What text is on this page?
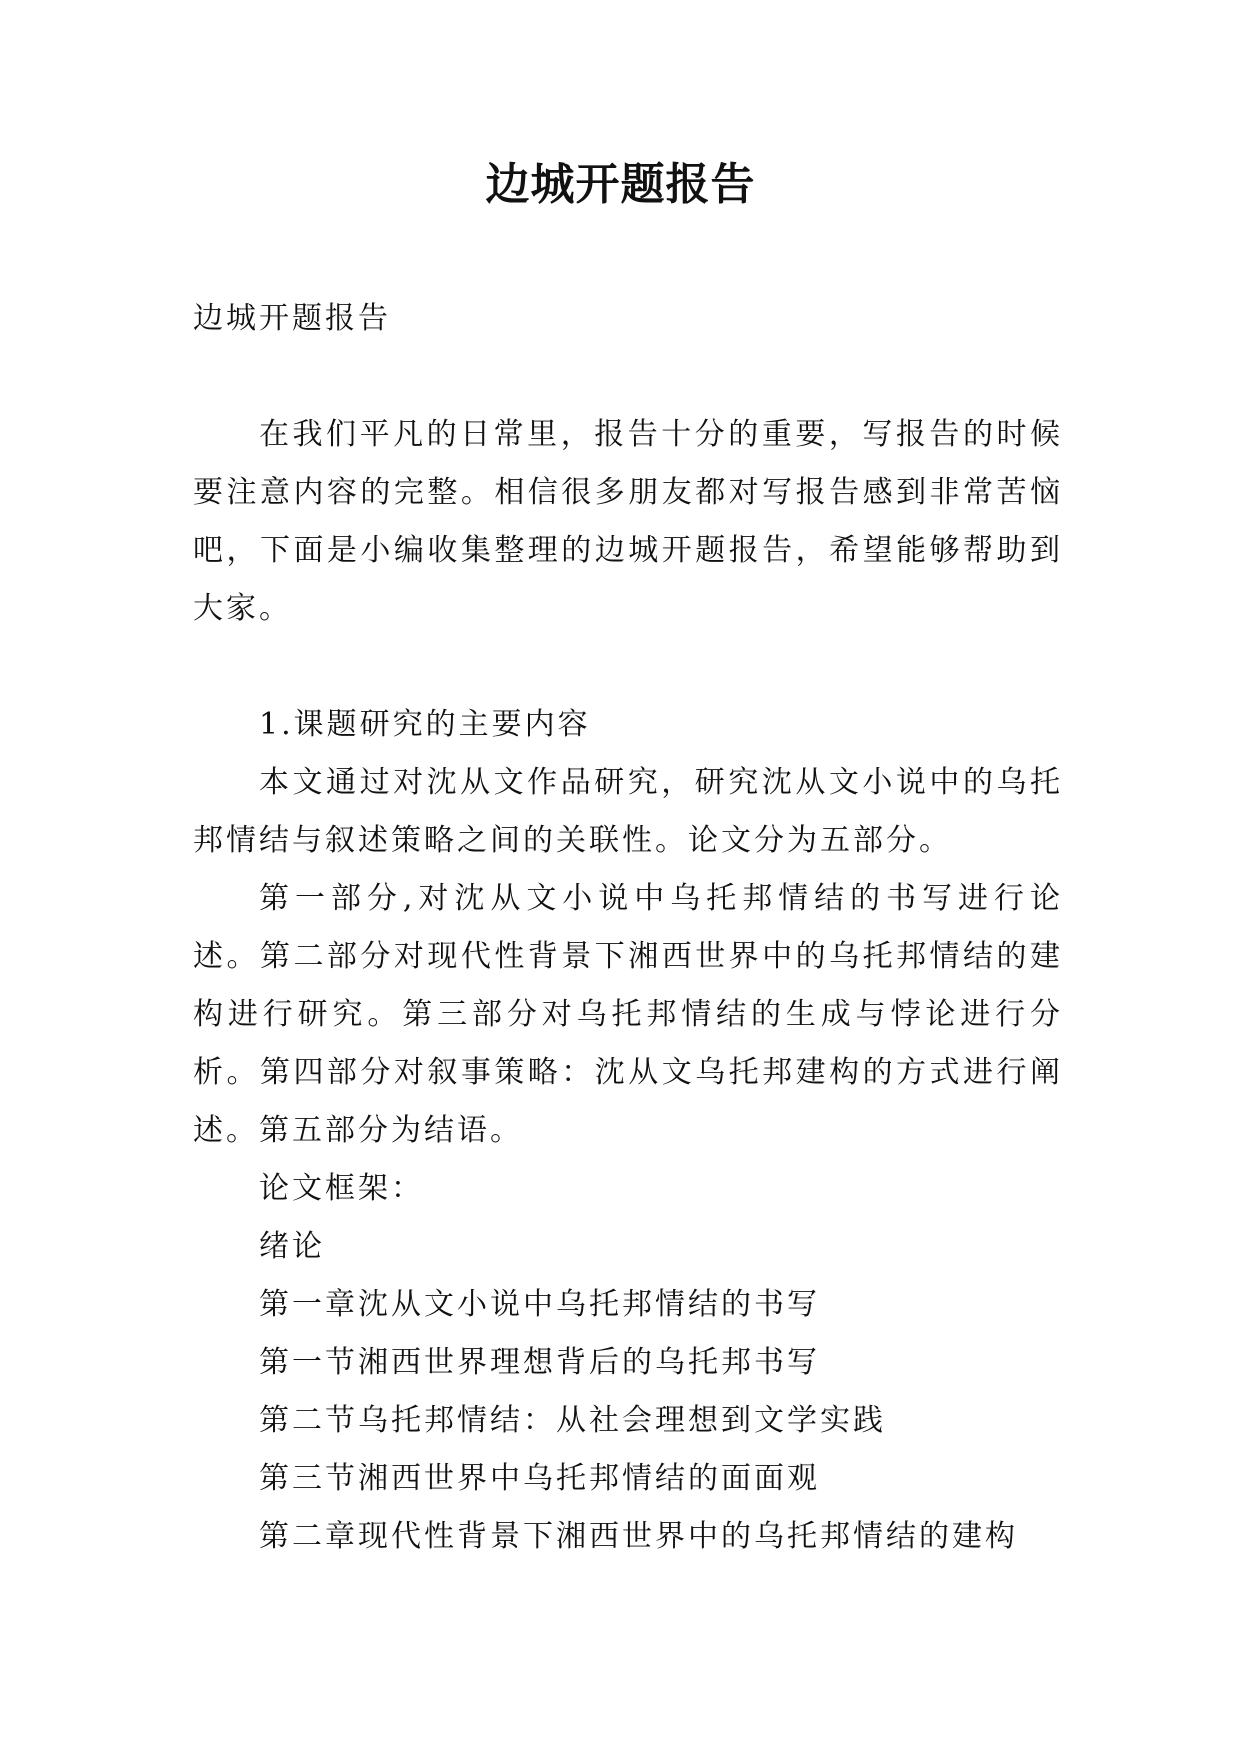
边城开题报告
边城开题报告

在我们平凡的日常里，报告十分的重要，写报告的时候要注意内容的完整。相信很多朋友都对写报告感到非常苦恼吧，下面是小编收集整理的边城开题报告，希望能够帮助到大家。

1.课题研究的主要内容

本文通过对沈从文作品研究，研究沈从文小说中的乌托邦情结与叙述策略之间的关联性。论文分为五部分。

第一部分,对沈从文小说中乌托邦情结的书写进行论述。第二部分对现代性背景下湘西世界中的乌托邦情结的建构进行研究。第三部分对乌托邦情结的生成与悖论进行分析。第四部分对叙事策略：沈从文乌托邦建构的方式进行阐述。第五部分为结语。

论文框架：

绪论

第一章沈从文小说中乌托邦情结的书写

第一节湘西世界理想背后的乌托邦书写

第二节乌托邦情结：从社会理想到文学实践

第三节湘西世界中乌托邦情结的面面观

第二章现代性背景下湘西世界中的乌托邦情结的建构
